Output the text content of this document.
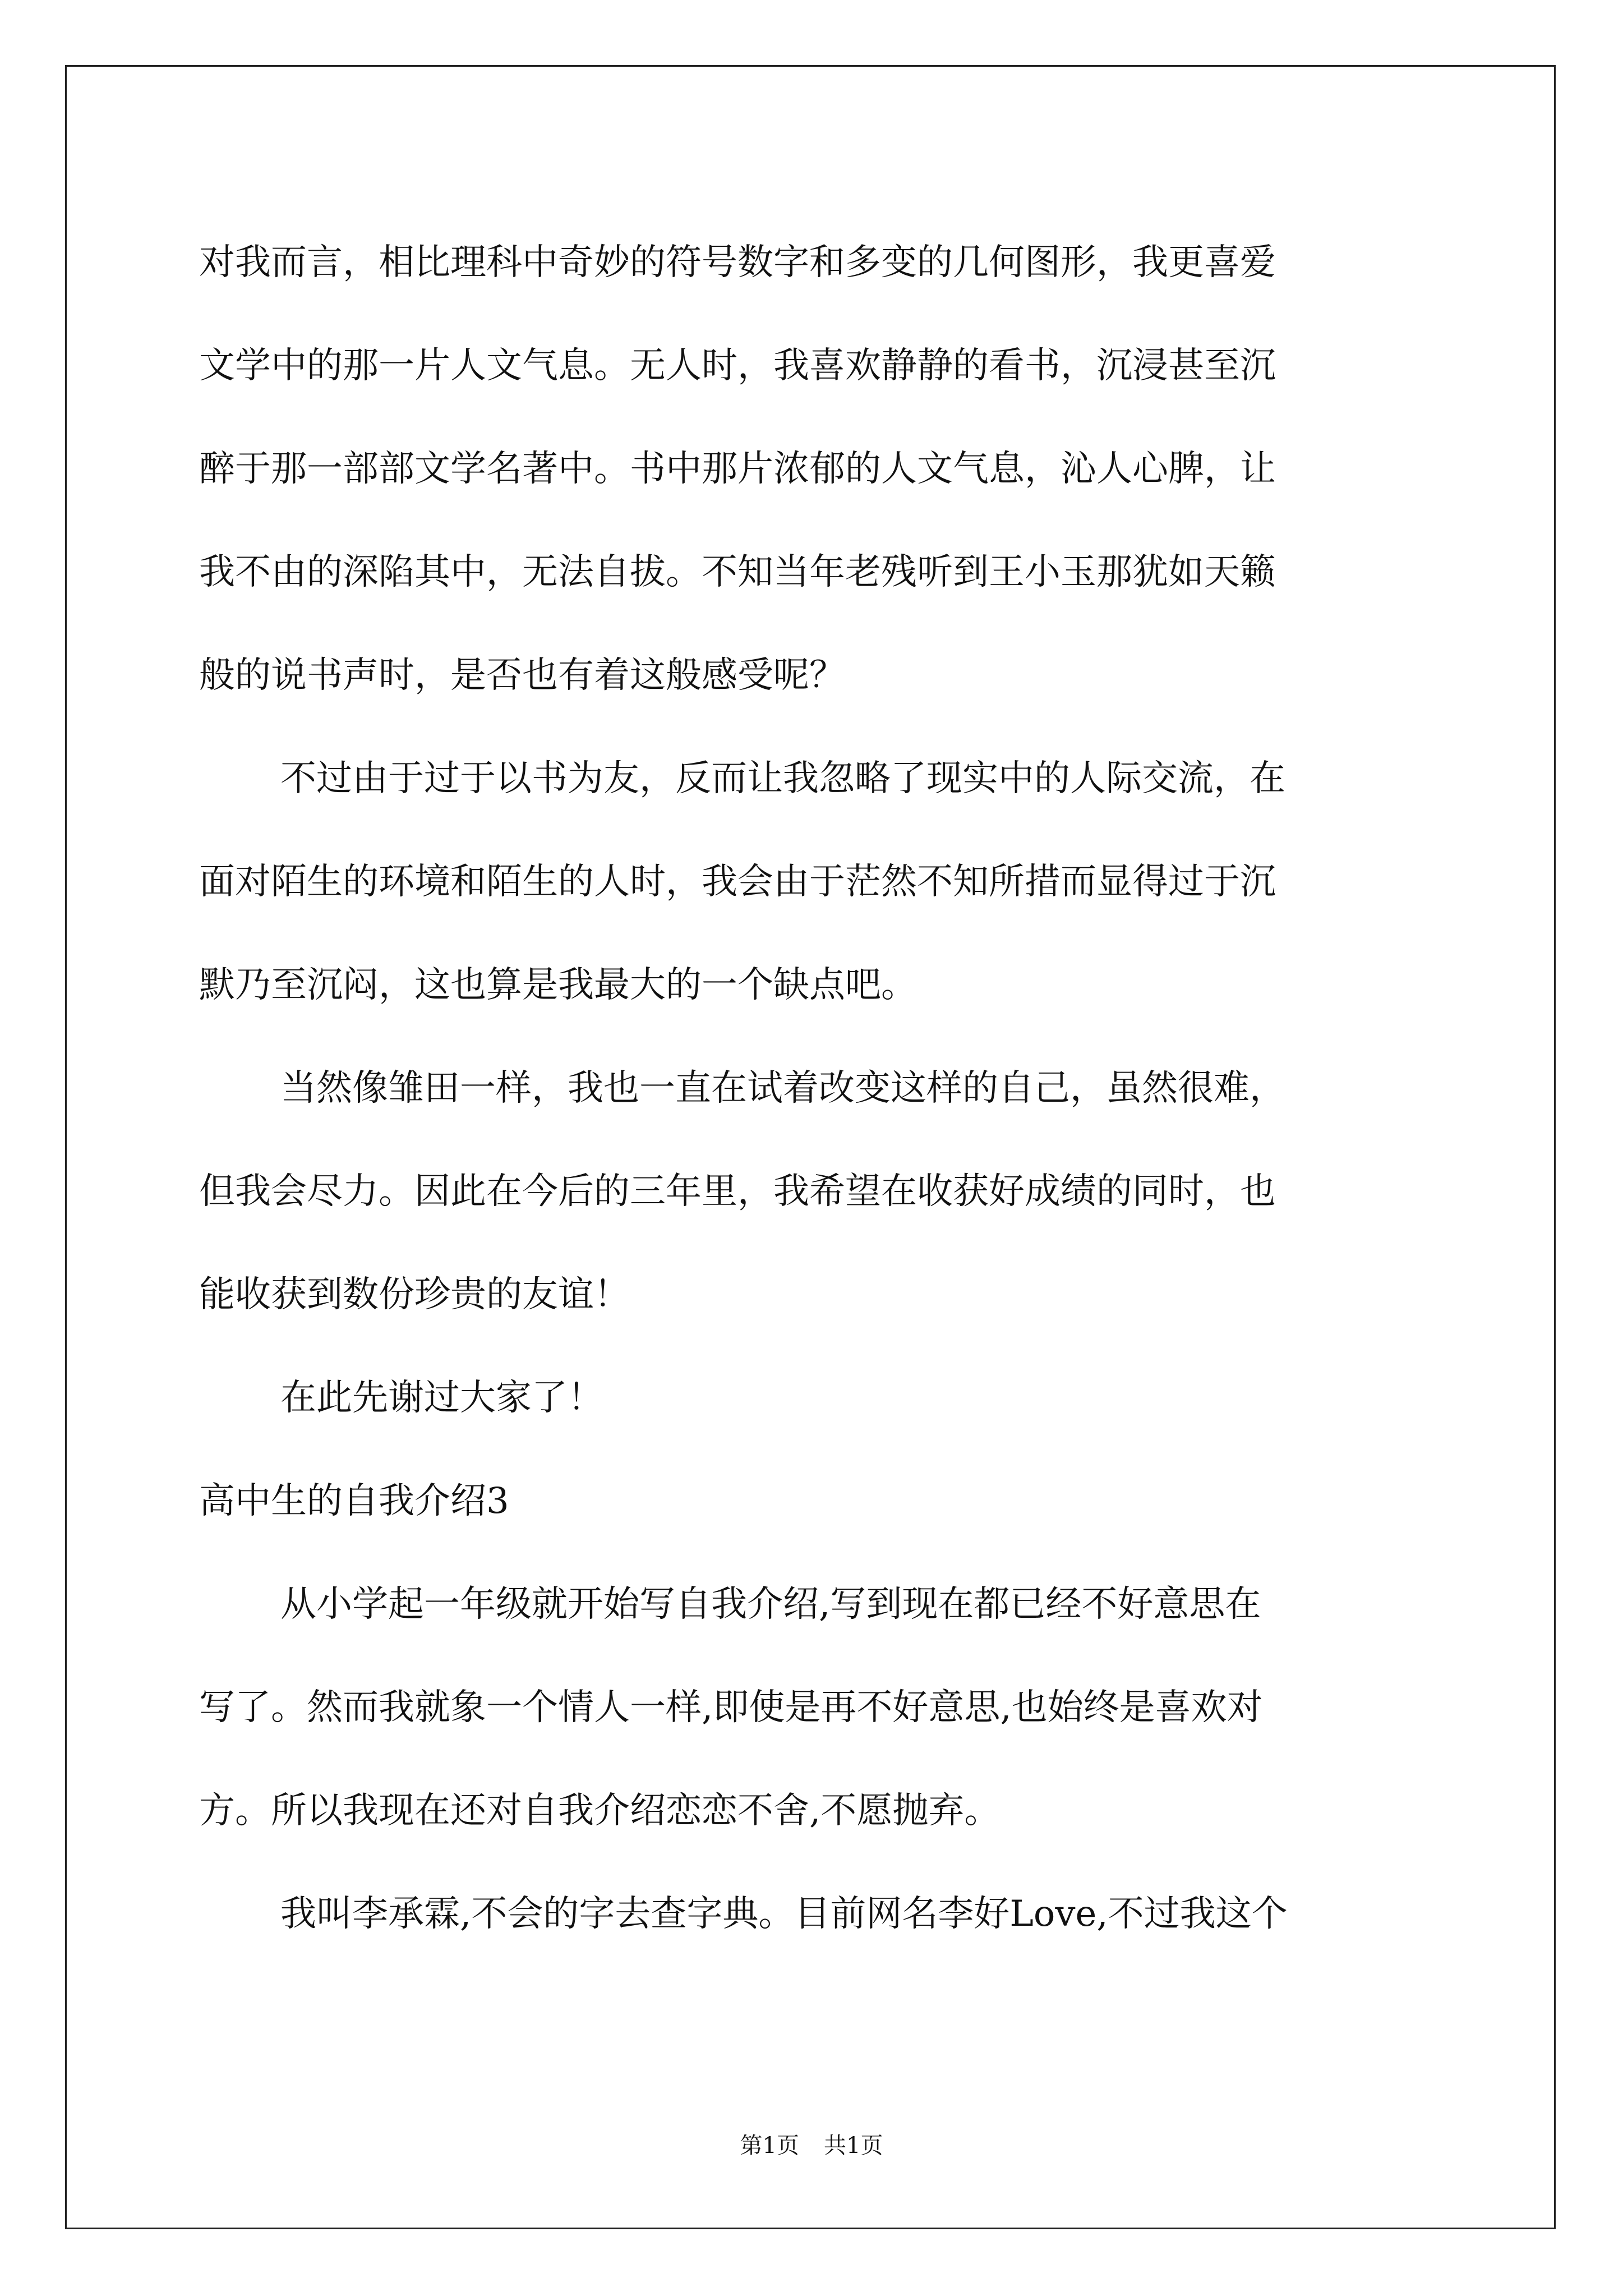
对我而言，相比理科中奇妙的符号数字和多变的几何图形，我更喜爱
文学中的那一片人文气息。无人时，我喜欢静静的看书，沉浸甚至沉
醉于那一部部文学名著中。书中那片浓郁的人文气息，沁人心脾，让
我不由的深陷其中，无法自拔。不知当年老残听到王小玉那犹如天籁
般的说书声时，是否也有着这般感受呢？
不过由于过于以书为友，反而让我忽略了现实中的人际交流，在
面对陌生的环境和陌生的人时，我会由于茫然不知所措而显得过于沉
默乃至沉闷，这也算是我最大的一个缺点吧。
当然像雏田一样，我也一直在试着改变这样的自己，虽然很难，
但我会尽力。因此在今后的三年里，我希望在收获好成绩的同时，也
能收获到数份珍贵的友谊！
在此先谢过大家了！
高中生的自我介绍3
从小学起一年级就开始写自我介绍,写到现在都已经不好意思在
写了。然而我就象一个情人一样,即使是再不好意思,也始终是喜欢对
方。所以我现在还对自我介绍恋恋不舍,不愿抛弃。
我叫李承霖,不会的字去查字典。目前网名李好Love,不过我这个
第1页 共1页
